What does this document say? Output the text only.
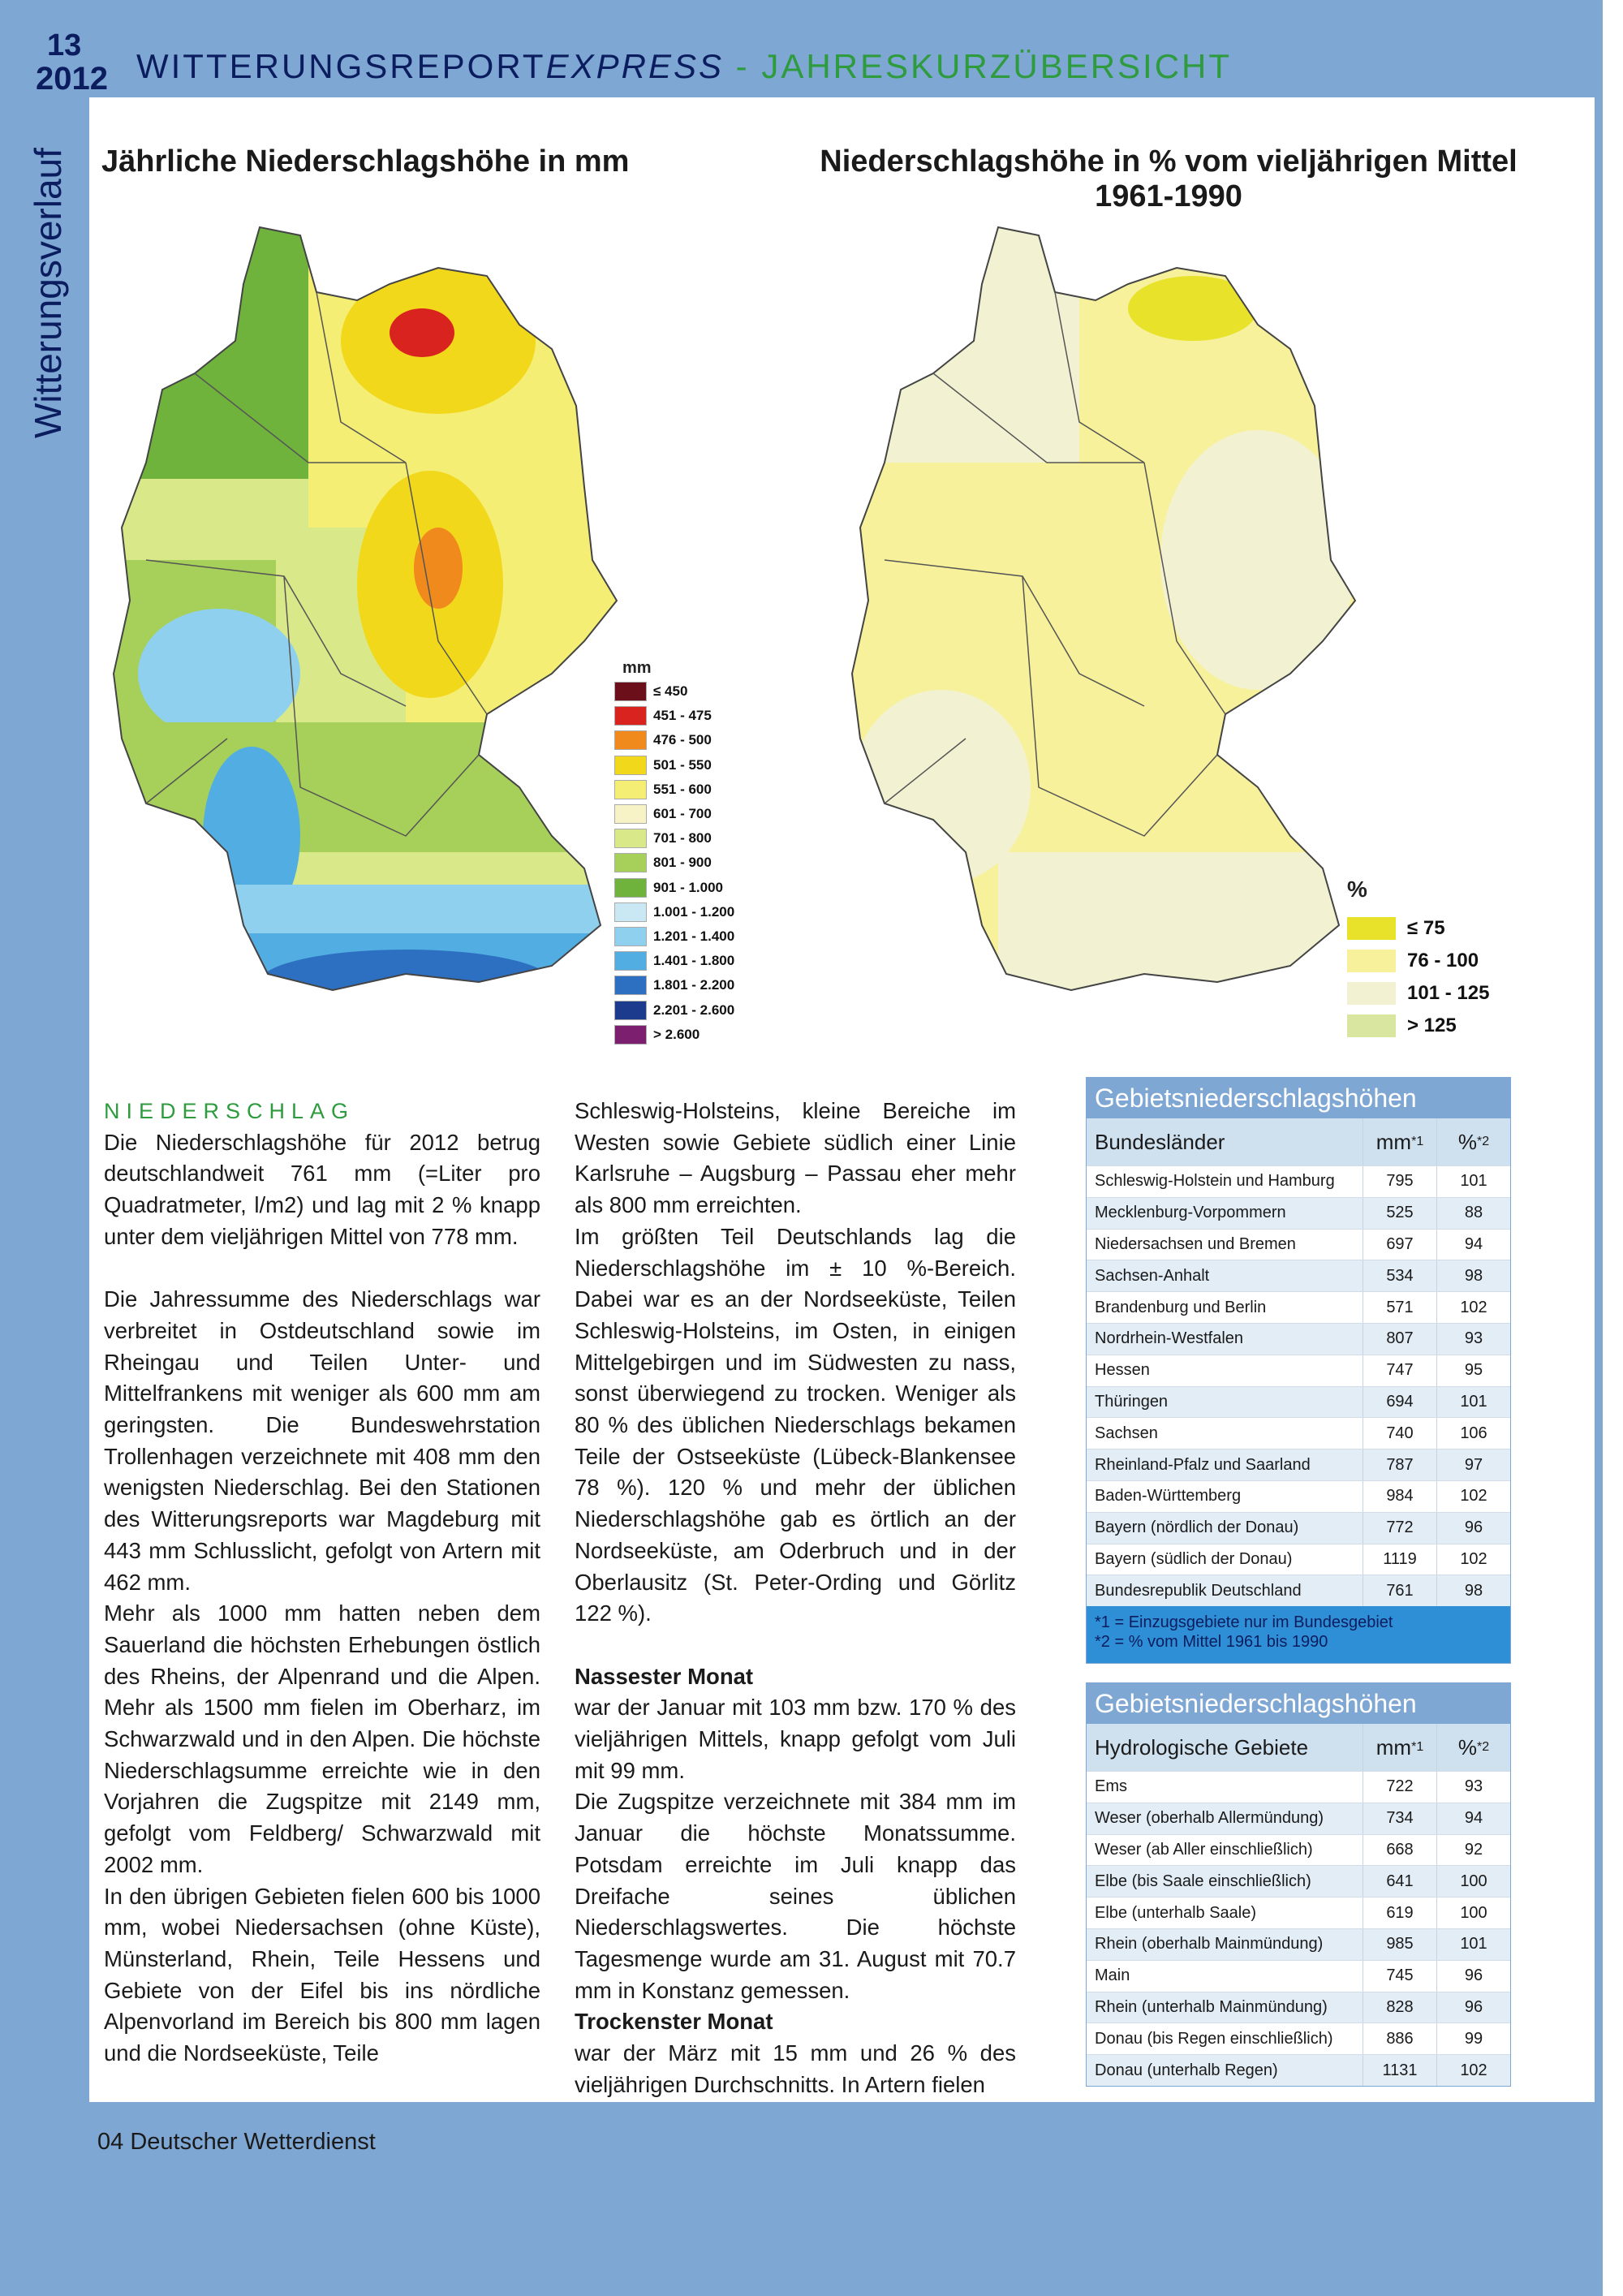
13
2012 WITTERUNGSREPORTEXPRESS - JAHRESKURZÜBERSICHT
Witterungsverlauf Jährliche Niederschlagshöhe in mm	Niederschlagshöhe in % vom vieljährigen Mittel
1961-1990
mm
%

NIEDERSCHLAG

Die Niederschlagshöhe für 2012 betrug deutschlandweit 761 mm (=Liter pro Quadratmeter, l/m2) und lag mit 2 % knapp unter dem vieljährigen Mittel von 778 mm.

Die Jahressumme des Niederschlags war verbreitet in Ostdeutschland sowie im Rheingau und Teilen Unter- und Mittelfrankens mit weniger als 600 mm am geringsten. Die Bundeswehrstation Trollenhagen verzeichnete mit 408 mm den wenigsten Niederschlag. Bei den Stationen des Witterungsreports war Magdeburg mit 443 mm Schlusslicht, gefolgt von Artern mit 462 mm.

Mehr als 1000 mm hatten neben dem Sauerland die höchsten Erhebungen östlich des Rheins, der Alpenrand und die Alpen. Mehr als 1500 mm fielen im Oberharz, im Schwarzwald und in den Alpen. Die höchste Niederschlagsumme erreichte wie in den Vorjahren die Zugspitze mit 2149 mm, gefolgt vom Feldberg/ Schwarzwald mit 2002 mm.

In den übrigen Gebieten fielen 600 bis 1000 mm, wobei Niedersachsen (ohne Küste), Münsterland, Rhein, Teile Hessens und Gebiete von der Eifel bis ins nördliche Alpenvorland im Bereich bis 800 mm lagen und die Nordseeküste, Teile

Schleswig-Holsteins, kleine Bereiche im Westen sowie Gebiete südlich einer Linie Karlsruhe – Augsburg – Passau eher mehr als 800 mm erreichten.

Im größten Teil Deutschlands lag die Niederschlagshöhe im ± 10 %-Bereich. Dabei war es an der Nordseeküste, Teilen Schleswig-Holsteins, im Osten, in einigen Mittelgebirgen und im Südwesten zu nass, sonst überwiegend zu trocken. Weniger als 80 % des üblichen Niederschlags bekamen Teile der Ostseeküste (Lübeck-Blankensee 78 %). 120 % und mehr der üblichen Niederschlagshöhe gab es örtlich an der Nordseeküste, am Oderbruch und in der Oberlausitz (St. Peter-Ording und Görlitz 122 %).

Nassester Monat

war der Januar mit 103 mm bzw. 170 % des vieljährigen Mittels, knapp gefolgt vom Juli mit 99 mm.

Die Zugspitze verzeichnete mit 384 mm im Januar die höchste Monatssumme. Potsdam erreichte im Juli knapp das Dreifache seines üblichen Niederschlagswertes. Die höchste Tagesmenge wurde am 31. August mit 70.7 mm in Konstanz gemessen.

Trockenster Monat

war der März mit 15 mm und 26 % des vieljährigen Durchschnitts. In Artern fielen

Gebietsniederschlagshöhen
Bundesländer	mm *1 % *2
Schleswig-Holstein und Hamburg	795	101
Mecklenburg-Vorpommern	525	88
Niedersachsen und Bremen	697	94
Sachsen-Anhalt	534	98
Brandenburg und Berlin	571	102
Nordrhein-Westfalen	807	93
Hessen	747	95
Thüringen	694	101
Sachsen	740	106
Rheinland-Pfalz und Saarland	787	97
Baden-Württemberg	984	102
Bayern (nördlich der Donau)	772	96
Bayern (südlich der Donau)	1119	102
Bundesrepublik Deutschland	761	98
*1 = Einzugsgebiete nur im Bundesgebiet
*2 = % vom Mittel 1961 bis 1990
Gebietsniederschlagshöhen
Hydrologische Gebiete	mm *1 % *2
Ems	722	93
Weser (oberhalb Allermündung)	734	94
Weser (ab Aller einschließlich)	668	92
Elbe (bis Saale einschließlich)	641	100
Elbe (unterhalb Saale)	619	100
Rhein (oberhalb Mainmündung)	985	101
Main	745	96
Rhein (unterhalb Mainmündung)	828	96
Donau (bis Regen einschließlich)	886	99
Donau (unterhalb Regen)	1131	102
04 Deutscher Wetterdienst
≤ 450
451 - 475
476 - 500
501 - 550
551 - 600
601 - 700
701 - 800
801 - 900
901 - 1.000
1.001 - 1.200
1.201 - 1.400
1.401 - 1.800
1.801 - 2.200
2.201 - 2.600
> 2.600
≤ 75
76 - 100
101 - 125
> 125
